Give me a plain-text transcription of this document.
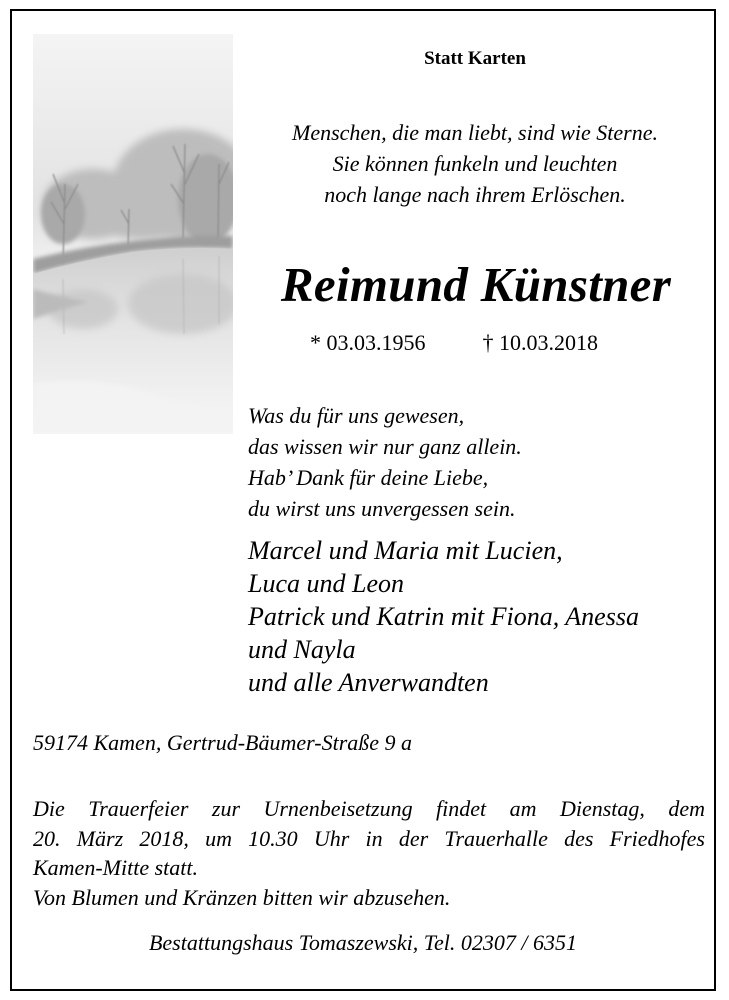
Statt Karten
Menschen, die man liebt, sind wie Sterne.
Sie können funkeln und leuchten
noch lange nach ihrem Erlöschen.
Reimund Künstner
* 03.03.1956	† 10.03.2018
Was du für uns gewesen,
das wissen wir nur ganz allein.
Hab’ Dank für deine Liebe,
du wirst uns unvergessen sein.
Marcel und Maria mit Lucien,
Luca und Leon
Patrick und Katrin mit Fiona, Anessa
und Nayla
und alle Anverwandten
59174 Kamen, Gertrud-Bäumer-Straße 9 a
Die Trauerfeier zur Urnenbeisetzung findet am Dienstag, dem
20. März 2018, um 10.30 Uhr in der Trauerhalle des Friedhofes
Kamen-Mitte statt.
Von Blumen und Kränzen bitten wir abzusehen.
Bestattungshaus Tomaszewski, Tel. 02307 / 6351
